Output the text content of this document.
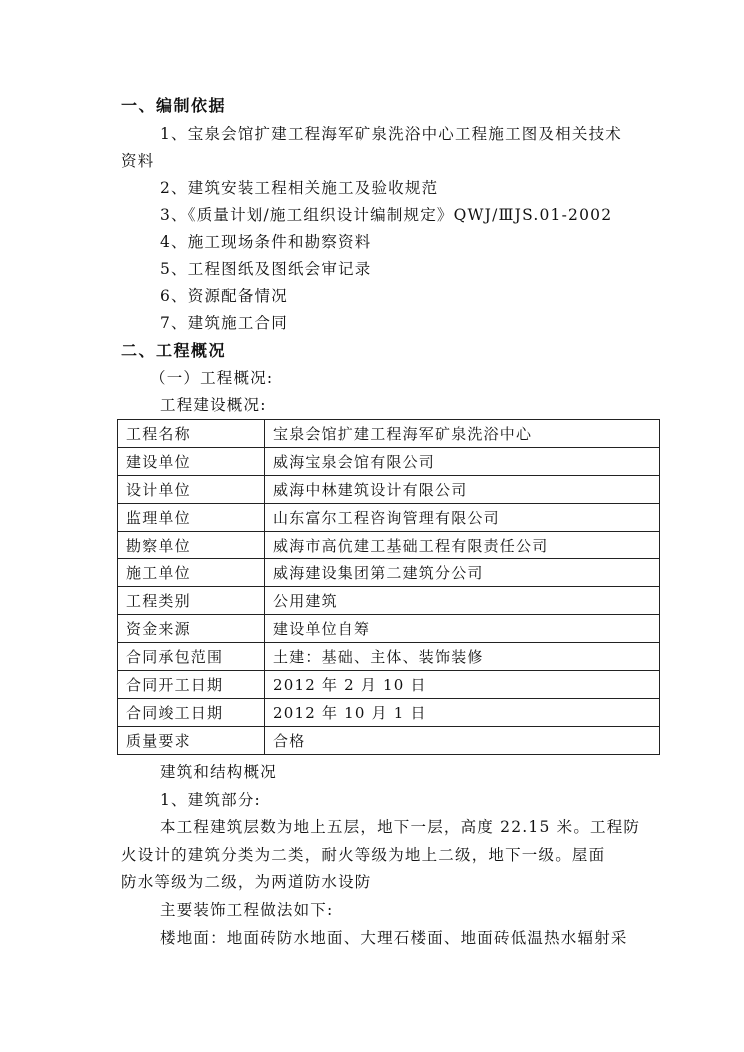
一、编制依据
1、宝泉会馆扩建工程海军矿泉洗浴中心工程施工图及相关技术
资料
2、建筑安装工程相关施工及验收规范
3、《质量计划/施工组织设计编制规定》QWJ/ⅢJS.01-2002
4、施工现场条件和勘察资料
5、工程图纸及图纸会审记录
6、资源配备情况
7、建筑施工合同
二、工程概况
（一）工程概况:
工程建设概况:
工程名称	宝泉会馆扩建工程海军矿泉洗浴中心
建设单位	威海宝泉会馆有限公司
设计单位	威海中林建筑设计有限公司
监理单位	山东富尔工程咨询管理有限公司
勘察单位	威海市高伉建工基础工程有限责任公司
施工单位	威海建设集团第二建筑分公司
工程类别	公用建筑
资金来源	建设单位自筹
合同承包范围	土建：基础、主体、装饰装修
合同开工日期	2012 年 2 月 10 日
合同竣工日期	2012 年 10 月 1 日
质量要求	合格
建筑和结构概况
1、建筑部分:
本工程建筑层数为地上五层，地下一层，高度 22.15 米。工程防
火设计的建筑分类为二类，耐火等级为地上二级，地下一级。屋面
防水等级为二级，为两道防水设防
主要装饰工程做法如下:
楼地面：地面砖防水地面、大理石楼面、地面砖低温热水辐射采
